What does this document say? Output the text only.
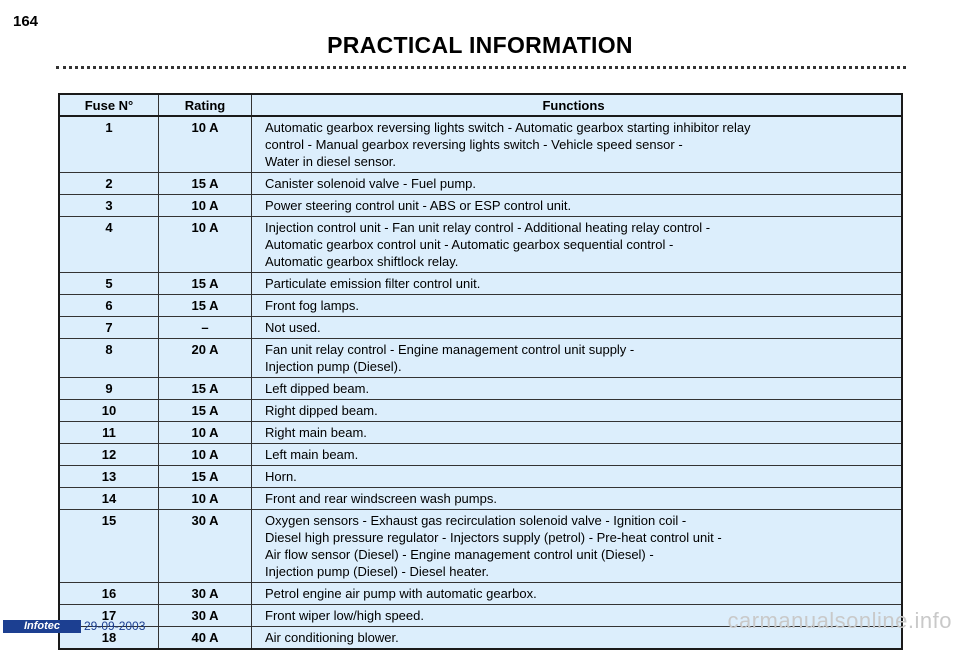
164
PRACTICAL INFORMATION
Fuse N°	Rating	Functions
1	10 A	Automatic gearbox reversing lights switch - Automatic gearbox starting inhibitor relay
control - Manual gearbox reversing lights switch - Vehicle speed sensor -
Water in diesel sensor.
2	15 A	Canister solenoid valve - Fuel pump.
3	10 A	Power steering control unit - ABS or ESP control unit.
4	10 A	Injection control unit - Fan unit relay control - Additional heating relay control -
Automatic gearbox control unit - Automatic gearbox sequential control -
Automatic gearbox shiftlock relay.
5	15 A	Particulate emission filter control unit.
6	15 A	Front fog lamps.
7	–	Not used.
8	20 A	Fan unit relay control - Engine management control unit supply -
Injection pump (Diesel).
9	15 A	Left dipped beam.
10	15 A	Right dipped beam.
11	10 A	Right main beam.
12	10 A	Left main beam.
13	15 A	Horn.
14	10 A	Front and rear windscreen wash pumps.
15	30 A	Oxygen sensors - Exhaust gas recirculation solenoid valve - Ignition coil -
Diesel high pressure regulator - Injectors supply (petrol) - Pre-heat control unit -
Air flow sensor (Diesel) - Engine management control unit (Diesel) -
Injection pump (Diesel) - Diesel heater.
16	30 A	Petrol engine air pump with automatic gearbox.
17	30 A	Front wiper low/high speed.
18	40 A	Air conditioning blower.
Infotec	29-09-2003	carmanualsonline.info
